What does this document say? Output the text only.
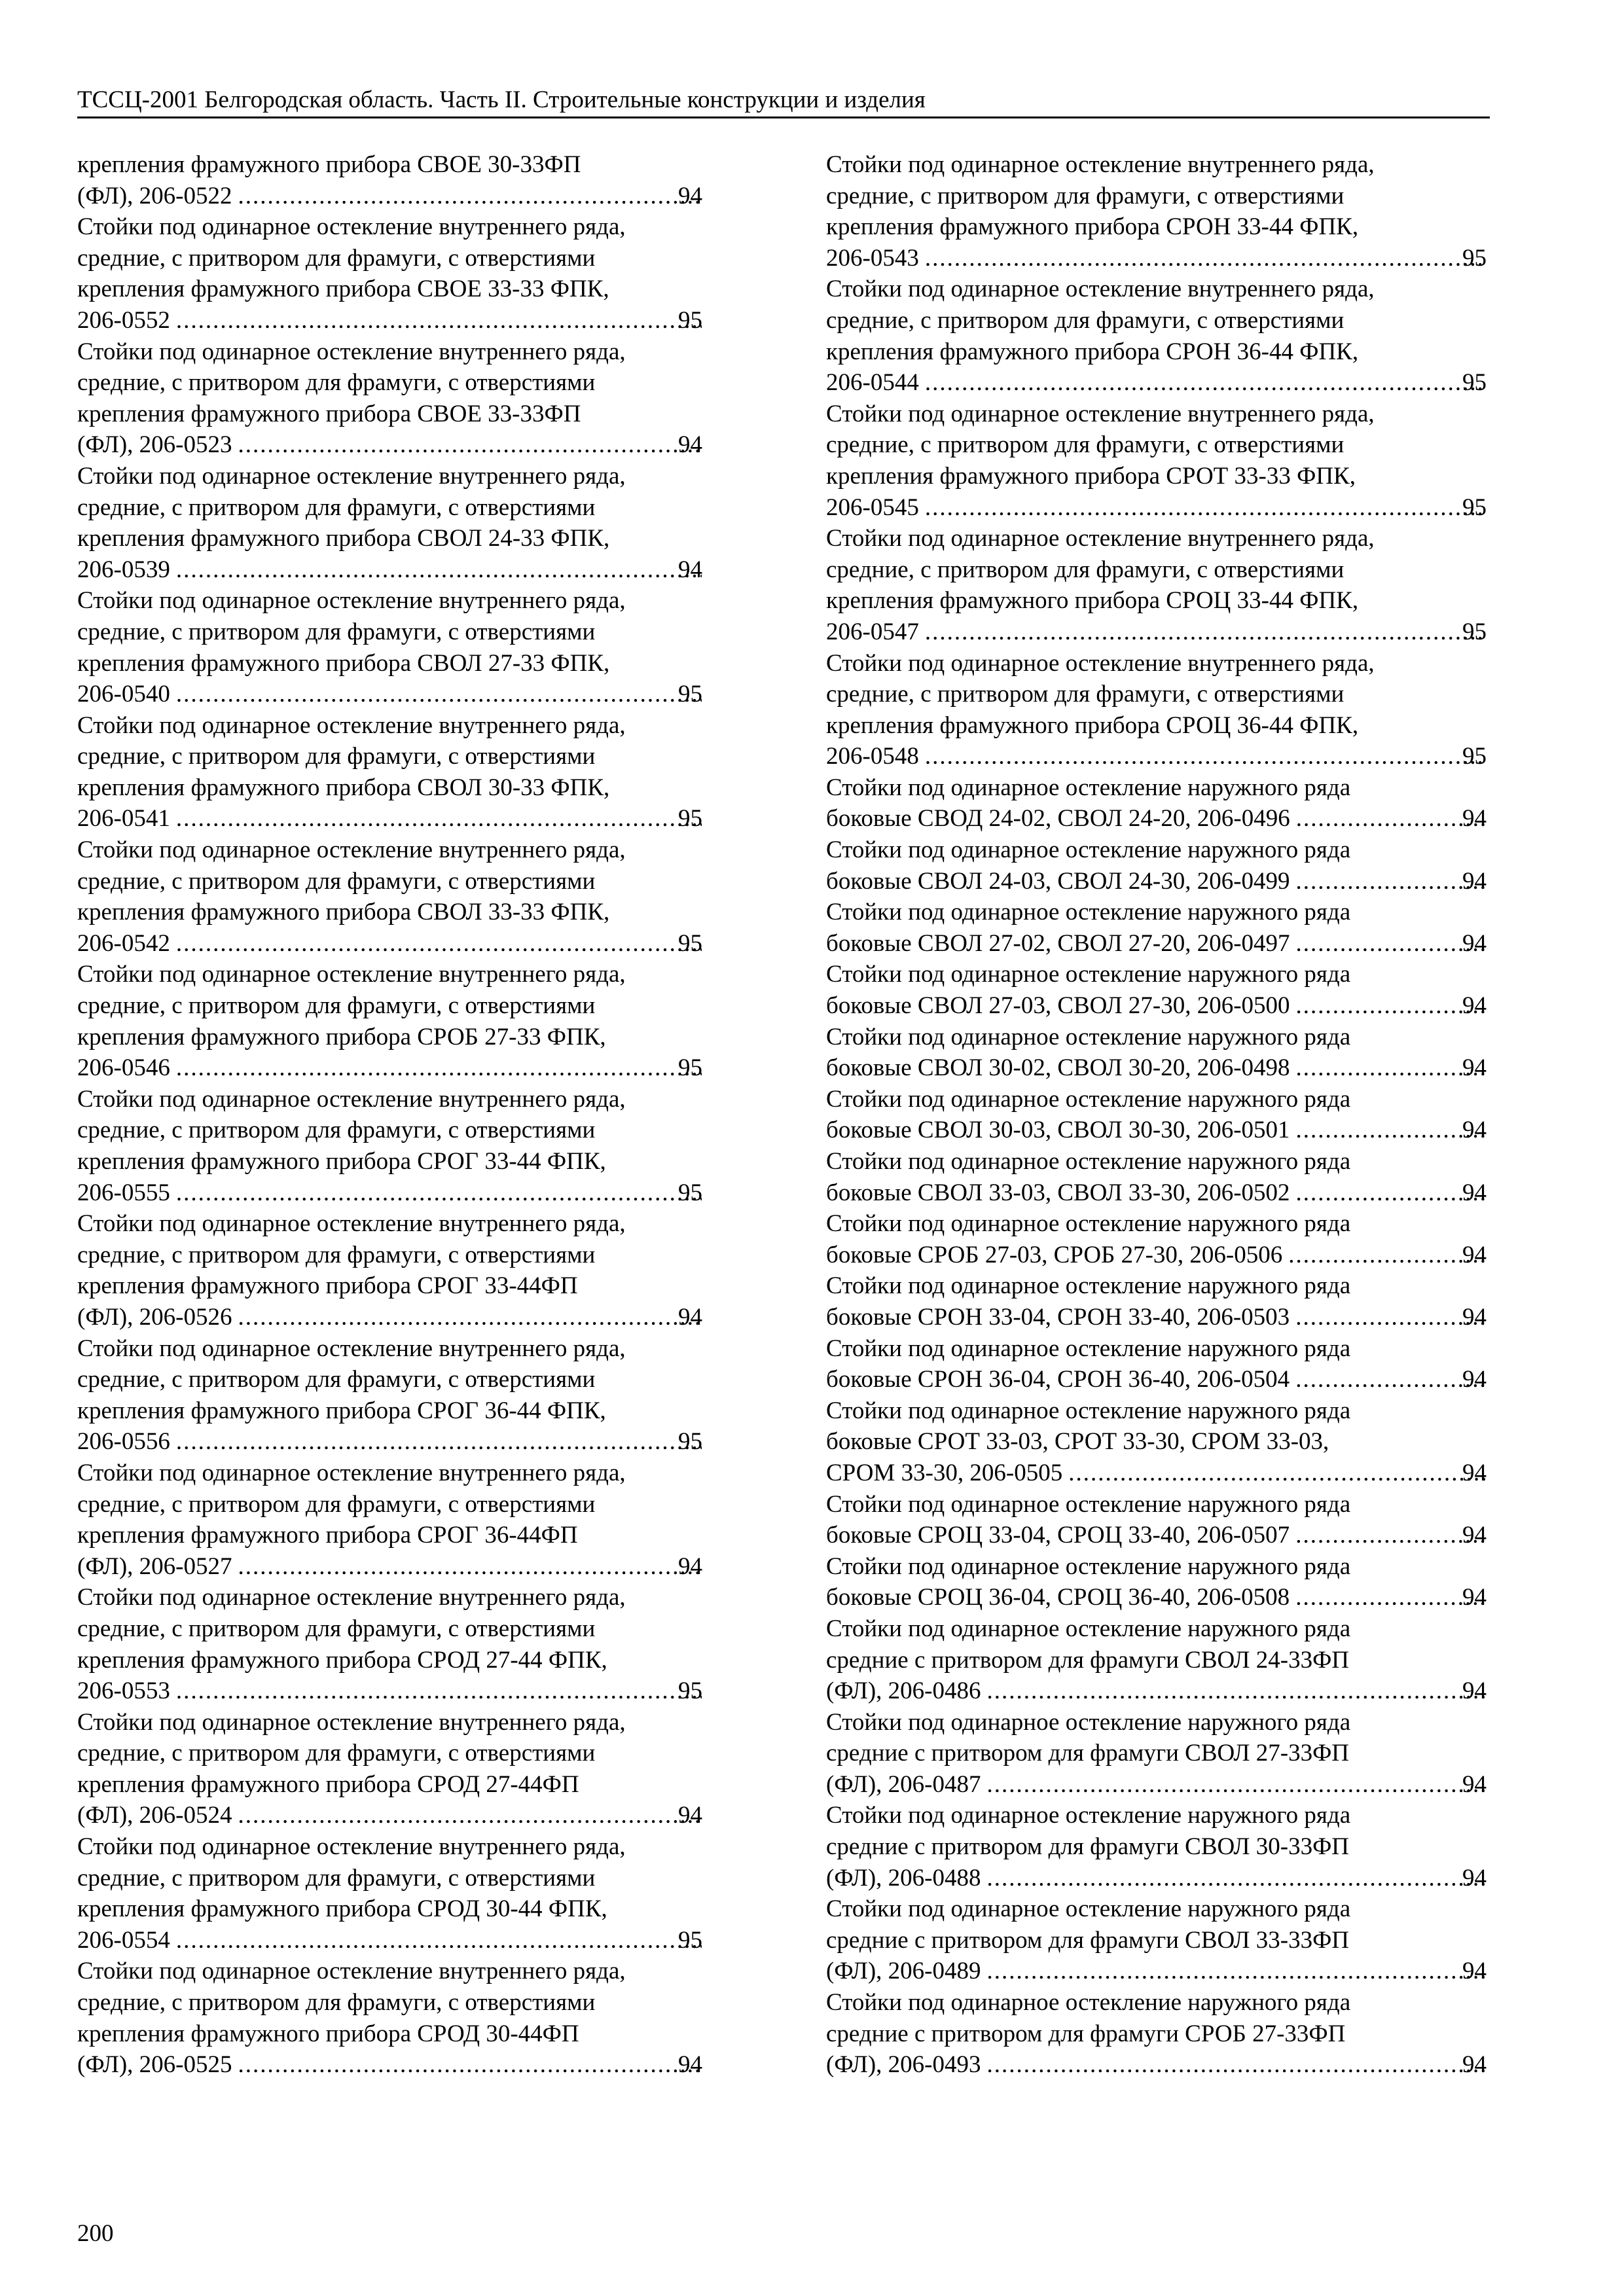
ТССЦ-2001 Белгородская область. Часть II. Строительные конструкции и изделия
крепления фрамужного прибора СВОЕ 30-33ФП
(ФЛ), 206-0522 .....	94
Стойки под одинарное остекление внутреннего ряда,
средние, с притвором для фрамуги, с отверстиями
крепления фрамужного прибора СВОЕ 33-33 ФПК,
206-0552 .....	95
Стойки под одинарное остекление внутреннего ряда,
средние, с притвором для фрамуги, с отверстиями
крепления фрамужного прибора СВОЕ 33-33ФП
(ФЛ), 206-0523 .....	94
Стойки под одинарное остекление внутреннего ряда,
средние, с притвором для фрамуги, с отверстиями
крепления фрамужного прибора СВОЛ 24-33 ФПК,
206-0539 .....	94
Стойки под одинарное остекление внутреннего ряда,
средние, с притвором для фрамуги, с отверстиями
крепления фрамужного прибора СВОЛ 27-33 ФПК,
206-0540 .....	95
Стойки под одинарное остекление внутреннего ряда,
средние, с притвором для фрамуги, с отверстиями
крепления фрамужного прибора СВОЛ 30-33 ФПК,
206-0541 .....	95
Стойки под одинарное остекление внутреннего ряда,
средние, с притвором для фрамуги, с отверстиями
крепления фрамужного прибора СВОЛ 33-33 ФПК,
206-0542 .....	95
Стойки под одинарное остекление внутреннего ряда,
средние, с притвором для фрамуги, с отверстиями
крепления фрамужного прибора СРОБ 27-33 ФПК,
206-0546 .....	95
Стойки под одинарное остекление внутреннего ряда,
средние, с притвором для фрамуги, с отверстиями
крепления фрамужного прибора СРОГ 33-44 ФПК,
206-0555 .....	95
Стойки под одинарное остекление внутреннего ряда,
средние, с притвором для фрамуги, с отверстиями
крепления фрамужного прибора СРОГ 33-44ФП
(ФЛ), 206-0526 .....	94
Стойки под одинарное остекление внутреннего ряда,
средние, с притвором для фрамуги, с отверстиями
крепления фрамужного прибора СРОГ 36-44 ФПК,
206-0556 .....	95
Стойки под одинарное остекление внутреннего ряда,
средние, с притвором для фрамуги, с отверстиями
крепления фрамужного прибора СРОГ 36-44ФП
(ФЛ), 206-0527 .....	94
Стойки под одинарное остекление внутреннего ряда,
средние, с притвором для фрамуги, с отверстиями
крепления фрамужного прибора СРОД 27-44 ФПК,
206-0553 .....	95
Стойки под одинарное остекление внутреннего ряда,
средние, с притвором для фрамуги, с отверстиями
крепления фрамужного прибора СРОД 27-44ФП
(ФЛ), 206-0524 .....	94
Стойки под одинарное остекление внутреннего ряда,
средние, с притвором для фрамуги, с отверстиями
крепления фрамужного прибора СРОД 30-44 ФПК,
206-0554 .....	95
Стойки под одинарное остекление внутреннего ряда,
средние, с притвором для фрамуги, с отверстиями
крепления фрамужного прибора СРОД 30-44ФП
(ФЛ), 206-0525 .....	94
Стойки под одинарное остекление внутреннего ряда,
средние, с притвором для фрамуги, с отверстиями
крепления фрамужного прибора СРОН 33-44 ФПК,
206-0543 .....	95
Стойки под одинарное остекление внутреннего ряда,
средние, с притвором для фрамуги, с отверстиями
крепления фрамужного прибора СРОН 36-44 ФПК,
206-0544 .....	95
Стойки под одинарное остекление внутреннего ряда,
средние, с притвором для фрамуги, с отверстиями
крепления фрамужного прибора СРОТ 33-33 ФПК,
206-0545 .....	95
Стойки под одинарное остекление внутреннего ряда,
средние, с притвором для фрамуги, с отверстиями
крепления фрамужного прибора СРОЦ 33-44 ФПК,
206-0547 .....	95
Стойки под одинарное остекление внутреннего ряда,
средние, с притвором для фрамуги, с отверстиями
крепления фрамужного прибора СРОЦ 36-44 ФПК,
206-0548 .....	95
Стойки под одинарное остекление наружного ряда
боковые СВОД 24-02, СВОЛ 24-20, 206-0496 .....	94
Стойки под одинарное остекление наружного ряда
боковые СВОЛ 24-03, СВОЛ 24-30, 206-0499 .....	94
Стойки под одинарное остекление наружного ряда
боковые СВОЛ 27-02, СВОЛ 27-20, 206-0497 .....	94
Стойки под одинарное остекление наружного ряда
боковые СВОЛ 27-03, СВОЛ 27-30, 206-0500 .....	94
Стойки под одинарное остекление наружного ряда
боковые СВОЛ 30-02, СВОЛ 30-20, 206-0498 .....	94
Стойки под одинарное остекление наружного ряда
боковые СВОЛ 30-03, СВОЛ 30-30, 206-0501 .....	94
Стойки под одинарное остекление наружного ряда
боковые СВОЛ 33-03, СВОЛ 33-30, 206-0502 .....	94
Стойки под одинарное остекление наружного ряда
боковые СРОБ 27-03, СРОБ 27-30, 206-0506 .....	94
Стойки под одинарное остекление наружного ряда
боковые СРОН 33-04, СРОН 33-40, 206-0503 .....	94
Стойки под одинарное остекление наружного ряда
боковые СРОН 36-04, СРОН 36-40, 206-0504 .....	94
Стойки под одинарное остекление наружного ряда
боковые СРОТ 33-03, СРОТ 33-30, СРОМ 33-03,
СРОМ 33-30, 206-0505 .....	94
Стойки под одинарное остекление наружного ряда
боковые СРОЦ 33-04, СРОЦ 33-40, 206-0507 .....	94
Стойки под одинарное остекление наружного ряда
боковые СРОЦ 36-04, СРОЦ 36-40, 206-0508 .....	94
Стойки под одинарное остекление наружного ряда
средние с притвором для фрамуги СВОЛ 24-33ФП
(ФЛ), 206-0486 .....	94
Стойки под одинарное остекление наружного ряда
средние с притвором для фрамуги СВОЛ 27-33ФП
(ФЛ), 206-0487 .....	94
Стойки под одинарное остекление наружного ряда
средние с притвором для фрамуги СВОЛ 30-33ФП
(ФЛ), 206-0488 .....	94
Стойки под одинарное остекление наружного ряда
средние с притвором для фрамуги СВОЛ 33-33ФП
(ФЛ), 206-0489 .....	94
Стойки под одинарное остекление наружного ряда
средние с притвором для фрамуги СРОБ 27-33ФП
(ФЛ), 206-0493 .....	94
200
